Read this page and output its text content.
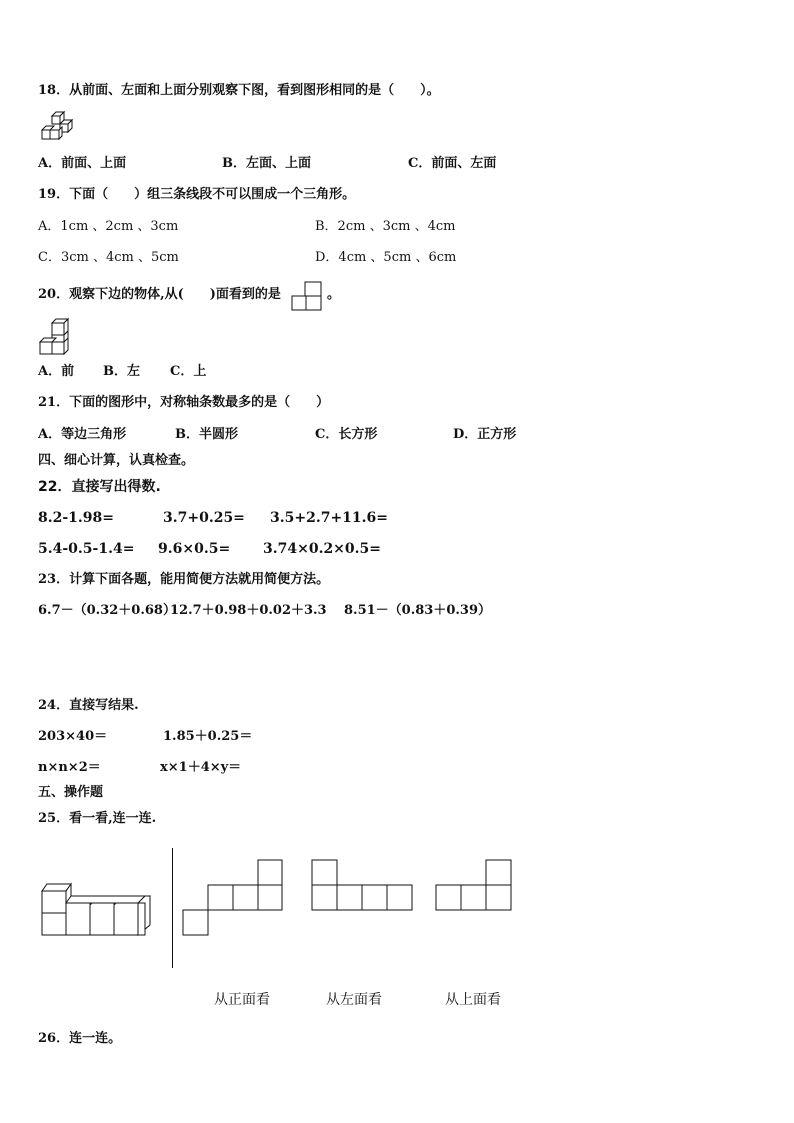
18．从前面、左面和上面分别观察下图，看到图形相同的是（　　）。
A．前面、上面	B．左面、上面	C．前面、左面
19．下面（　　）组三条线段不可以围成一个三角形。
A．1cm 、2cm 、3cm	B．2cm 、3cm 、4cm
C．3cm 、4cm 、5cm	D．4cm 、5cm 、6cm
20．观察下边的物体,从(　　)面看到的是	。
A．前 B．左 C．上
21．下面的图形中，对称轴条数最多的是（　　）
A．等边三角形	B．半圆形	C．长方形	D．正方形
四、细心计算，认真检查。
22．直接写出得数.
8.2-1.98=	3.7+0.25= 3.5+2.7+11.6=
5.4-0.5-1.4= 9.6×0.5= 3.74×0.2×0.5=
23．计算下面各题，能用简便方法就用简便方法。
6.7－（0.32＋0.68）
12.7＋0.98＋0.02＋3.3 8.51－（0.83＋0.39）
24．直接写结果.
203×40＝	1.85＋0.25＝
n×n×2＝	x×1＋4×y＝
五、操作题
25．看一看,连一连.
从正面看	从左面看	从上面看
26．连一连。
